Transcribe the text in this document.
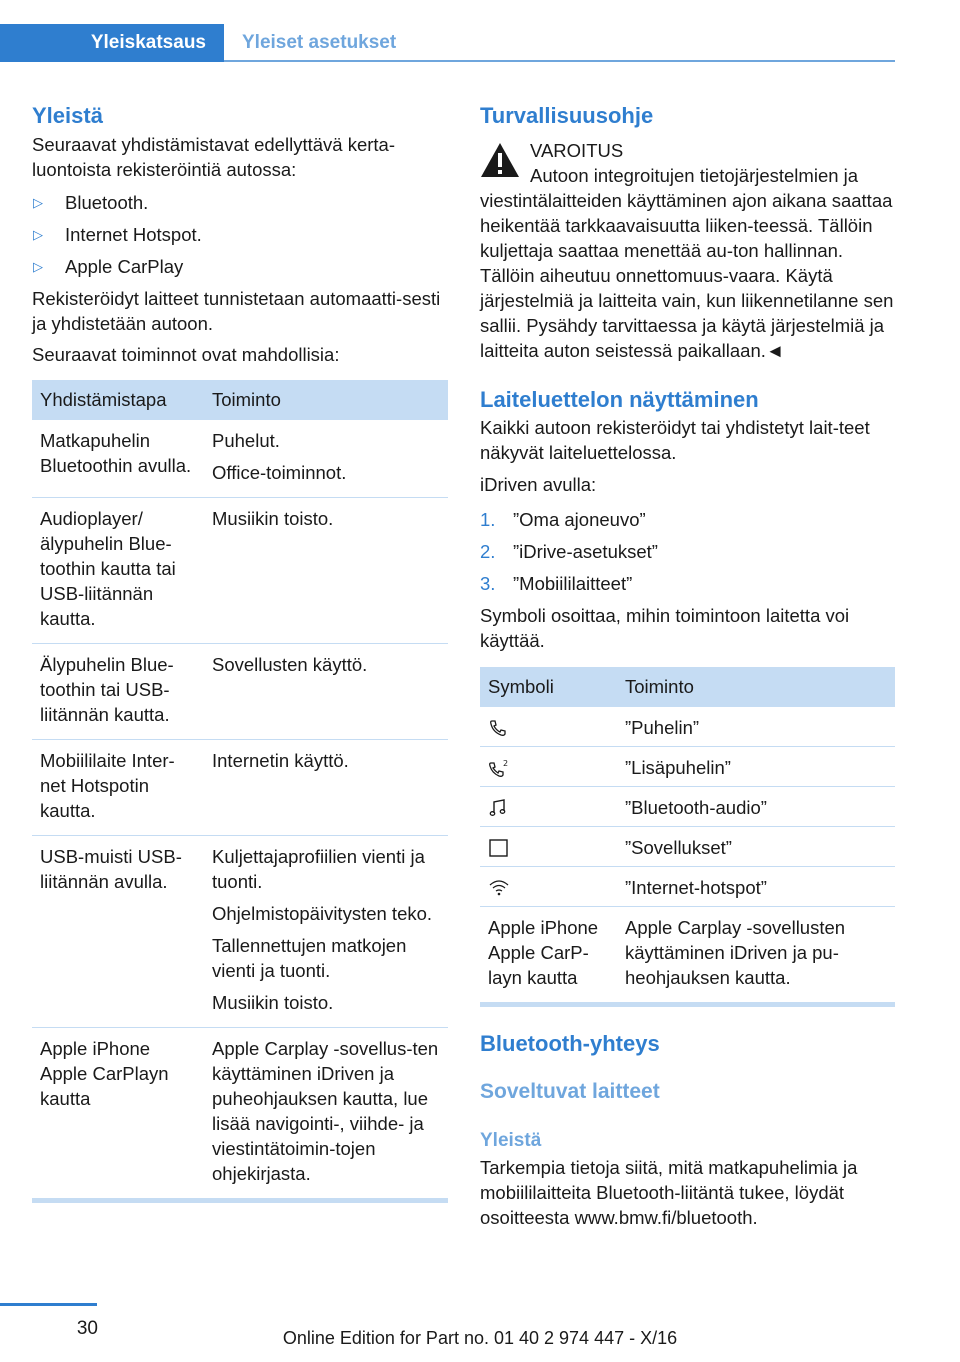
Yleiskatsaus	Yleiset asetukset
Yleistä

Seuraavat yhdistämistavat edellyttävä kerta-luontoista rekisteröintiä autossa:

▷ Bluetooth.
▷ Internet Hotspot.
▷ Apple CarPlay

Rekisteröidyt laitteet tunnistetaan automaatti-sesti ja yhdistetään autoon.

Seuraavat toiminnot ovat mahdollisia:

Yhdistämistapa	Toiminto
Matkapuhelin Bluetoothin avulla.	Puhelut.

Office-toiminnot.

Audioplayer/ älypuhelin Blue-toothin kautta tai USB-liitännän kautta.	Musiikin toisto.

Älypuhelin Blue-toothin tai USB-liitännän kautta.	Sovellusten käyttö.

Mobiililaite Inter-net Hotspotin kautta.	Internetin käyttö.

USB-muisti USB-liitännän avulla.	Kuljettajaprofiilien vienti ja tuonti.

Ohjelmistopäivitysten teko.

Tallennettujen matkojen vienti ja tuonti.

Musiikin toisto.

Apple iPhone Apple CarPlayn kautta	Apple Carplay -sovellus-ten käyttäminen iDriven ja puheohjauksen kautta, lue lisää navigointi-, viihde- ja viestintätoimin-tojen ohjekirjasta.

Turvallisuusohje

VAROITUS

Autoon integroitujen tietojärjestelmien ja viestintälaitteiden käyttäminen ajon aikana saattaa heikentää tarkkaavaisuutta liiken-teessä. Tällöin kuljettaja saattaa menettää au-ton hallinnan. Tällöin aiheutuu onnettomuus-vaara. Käytä järjestelmiä ja laitteita vain, kun liikennetilanne sen sallii. Pysähdy tarvittaessa ja käytä järjestelmiä ja laitteita auton seistessä paikallaan.◄

Laiteluettelon näyttäminen

Kaikki autoon rekisteröidyt tai yhdistetyt lait-teet näkyvät laiteluettelossa.

iDriven avulla:

1. ”Oma ajoneuvo”
2. ”iDrive-asetukset”
3. ”Mobiililaitteet”

Symboli osoittaa, mihin toimintoon laitetta voi käyttää.

Symboli	Toiminto

	”Puhelin”

2	”Lisäpuhelin”

	”Bluetooth-audio”

	”Sovellukset”

	”Internet-hotspot”
Apple iPhone Apple CarP-layn kautta	Apple Carplay -sovellusten käyttäminen iDriven ja pu-heohjauksen kautta.
Bluetooth-yhteys
Soveltuvat laitteet
Yleistä

Tarkempia tietoja siitä, mitä matkapuhelimia ja mobiililaitteita Bluetooth-liitäntä tukee, löydät osoitteesta www.bmw.fi/bluetooth.

30	Online Edition for Part no. 01 40 2 974 447 - X/16
